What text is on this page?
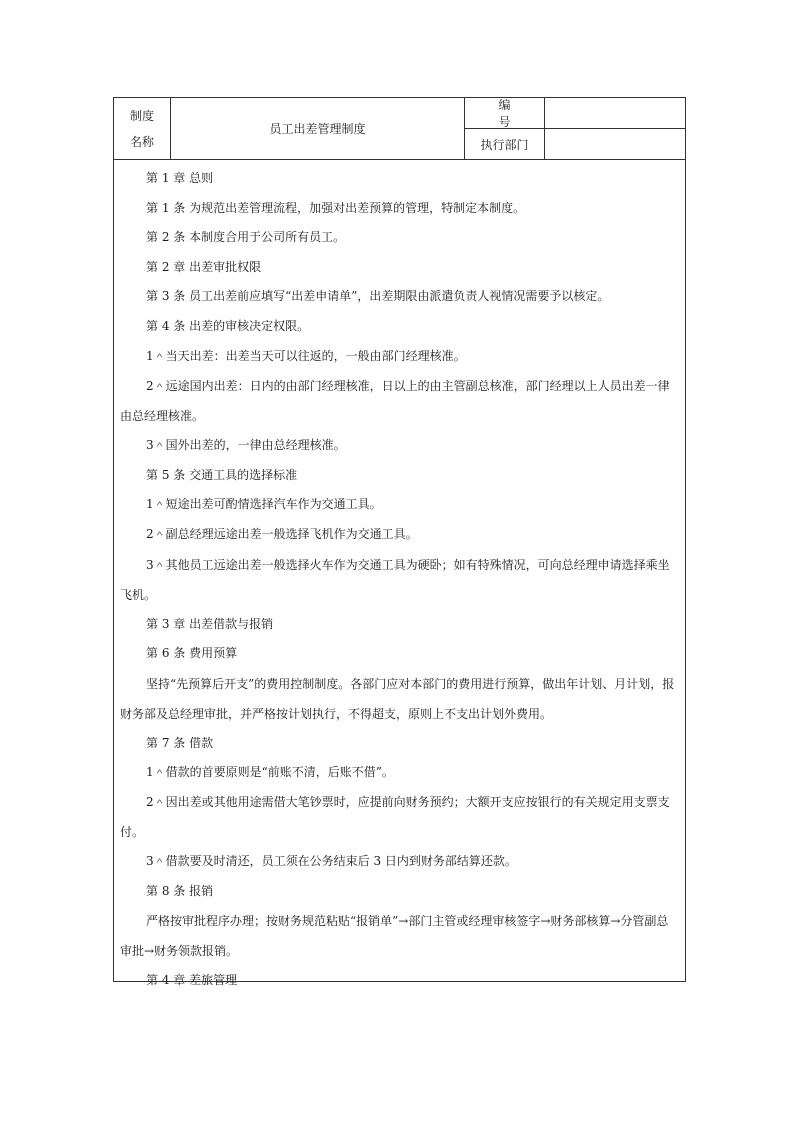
制度
名称
员工出差管理制度
编号
执行部门

第 1 章 总则

第 1 条 为规范出差管理流程，加强对出差预算的管理，特制定本制度。

第 2 条 本制度合用于公司所有员工。

第 2 章 出差审批权限

第 3 条 员工出差前应填写“出差申请单”，出差期限由派遣负责人视情况需要予以核定。

第 4 条 出差的审核决定权限。

1＾当天出差：出差当天可以往返的，一般由部门经理核准。

2＾远途国内出差：日内的由部门经理核准，日以上的由主管副总核准，部门经理以上人员出差一律由总经理核准。

3＾国外出差的，一律由总经理核准。

第 5 条 交通工具的选择标准

1＾短途出差可酌情选择汽车作为交通工具。

2＾副总经理远途出差一般选择飞机作为交通工具。

3＾其他员工远途出差一般选择火车作为交通工具为硬卧；如有特殊情况，可向总经理申请选择乘坐飞机。

第 3 章 出差借款与报销

第 6 条 费用预算

坚持“先预算后开支”的费用控制制度。各部门应对本部门的费用进行预算，做出年计划、月计划，报财务部及总经理审批，并严格按计划执行，不得超支，原则上不支出计划外费用。

第 7 条 借款

1＾借款的首要原则是“前账不清，后账不借”。

2＾因出差或其他用途需借大笔钞票时，应提前向财务预约；大额开支应按银行的有关规定用支票支付。

3＾借款要及时清还，员工须在公务结束后 3 日内到财务部结算还款。

第 8 条 报销

严格按审批程序办理；按财务规范粘贴“报销单”→部门主管或经理审核签字→财务部核算→分管副总审批→财务领款报销。

第 4 章 差旅管理
